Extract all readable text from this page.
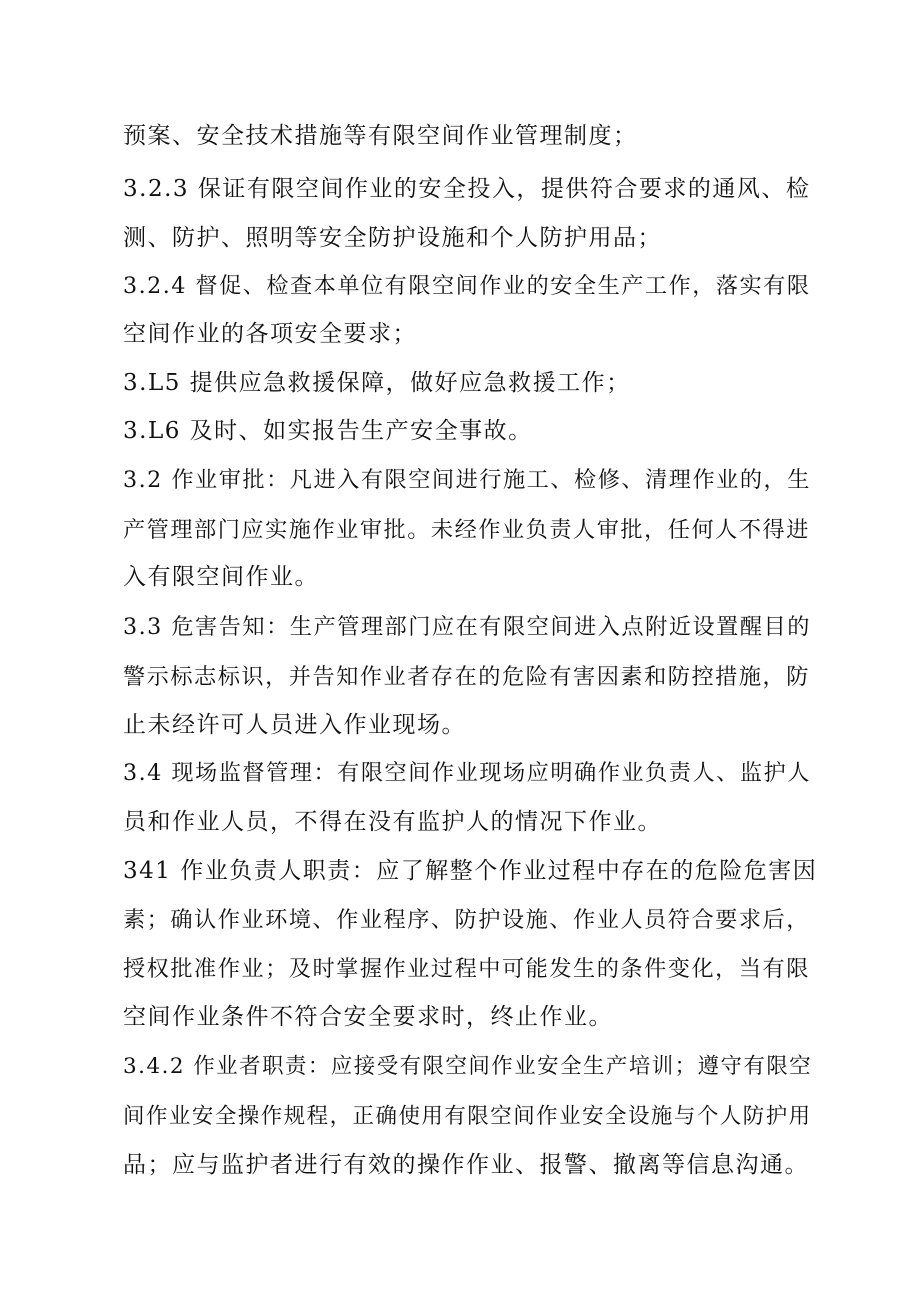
预案、安全技术措施等有限空间作业管理制度；
3.2.3 保证有限空间作业的安全投入，提供符合要求的通风、检
测、防护、照明等安全防护设施和个人防护用品；
3.2.4 督促、检查本单位有限空间作业的安全生产工作，落实有限
空间作业的各项安全要求；
3.L5 提供应急救援保障，做好应急救援工作；
3.L6 及时、如实报告生产安全事故。
3.2 作业审批：凡进入有限空间进行施工、检修、清理作业的，生
产管理部门应实施作业审批。未经作业负责人审批，任何人不得进
入有限空间作业。
3.3 危害告知：生产管理部门应在有限空间进入点附近设置醒目的
警示标志标识，并告知作业者存在的危险有害因素和防控措施，防
止未经许可人员进入作业现场。
3.4 现场监督管理：有限空间作业现场应明确作业负责人、监护人
员和作业人员，不得在没有监护人的情况下作业。
341 作业负责人职责：应了解整个作业过程中存在的危险危害因
素；确认作业环境、作业程序、防护设施、作业人员符合要求后，
授权批准作业；及时掌握作业过程中可能发生的条件变化，当有限
空间作业条件不符合安全要求时，终止作业。
3.4.2 作业者职责：应接受有限空间作业安全生产培训；遵守有限空
间作业安全操作规程，正确使用有限空间作业安全设施与个人防护用
品；应与监护者进行有效的操作作业、报警、撤离等信息沟通。
